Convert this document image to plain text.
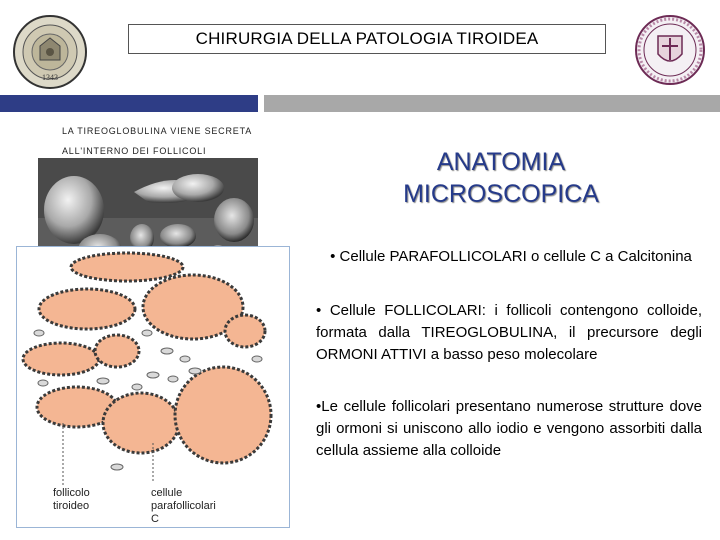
1343
CHIRURGIA DELLA PATOLOGIA TIROIDEA
LA TIREOGLOBULINA VIENE SECRETA
ALL'INTERNO DEI FOLLICOLI
follicolo
tiroideo
cellule
parafollicolari
C
ANATOMIA
MICROSCOPICA
• Cellule PARAFOLLICOLARI o cellule C a Calcitonina
• Cellule FOLLICOLARI: i follicoli contengono colloide, formata dalla TIREOGLOBULINA, il precursore degli ORMONI ATTIVI a basso peso molecolare
•Le cellule follicolari presentano numerose strutture dove gli ormoni si uniscono allo iodio e vengono assorbiti dalla cellula assieme alla colloide
